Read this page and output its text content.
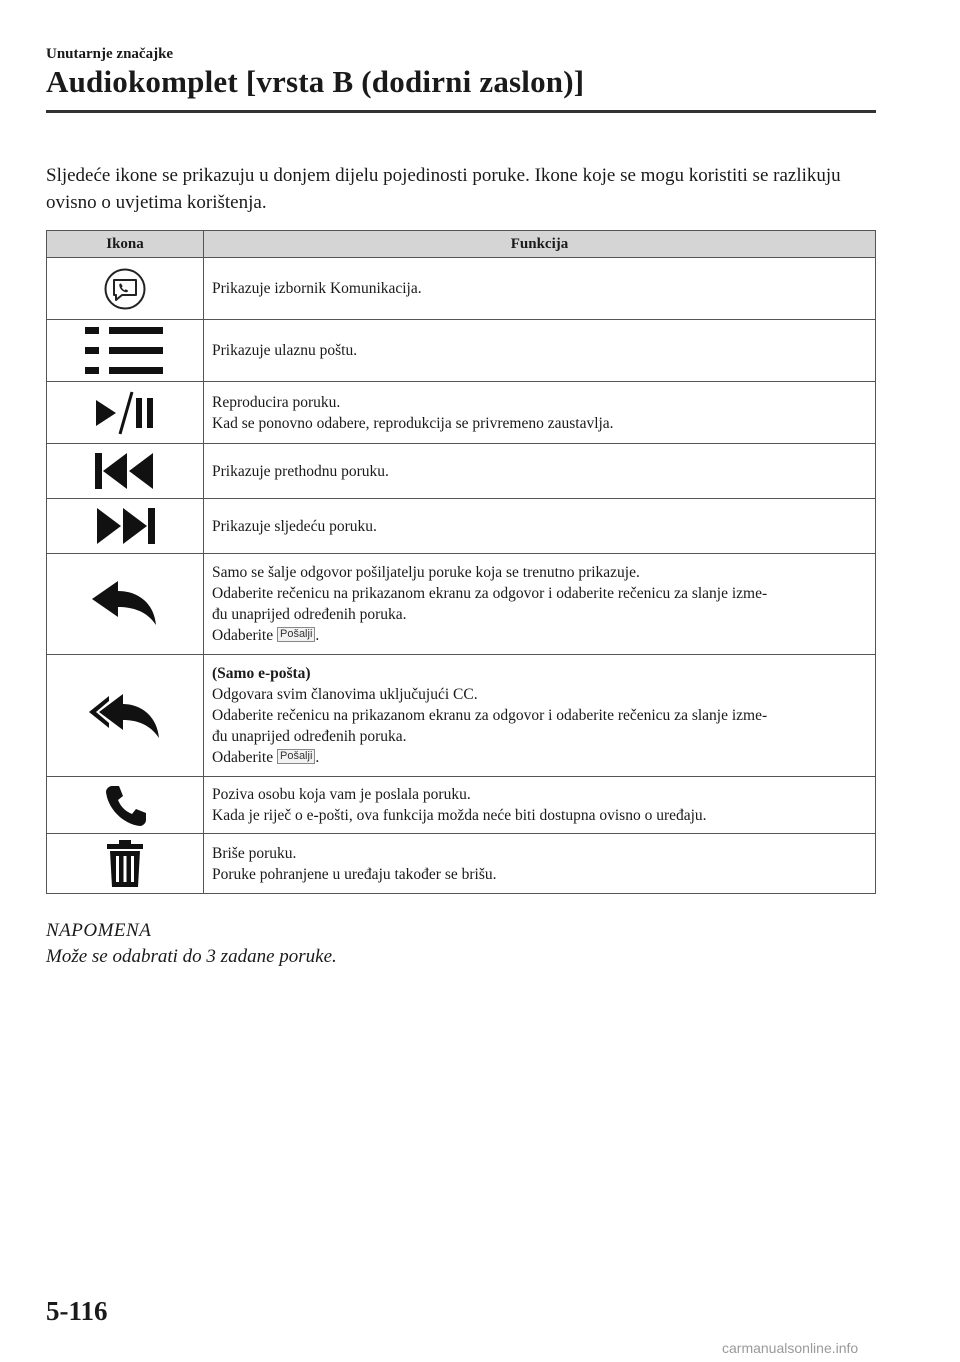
Unutarnje značajke
Audiokomplet [vrsta B (dodirni zaslon)]

Sljedeće ikone se prikazuju u donjem dijelu pojedinosti poruke. Ikone koje se mogu koristiti se razlikuju ovisno o uvjetima korištenja.

Ikona	Funkcija

Prikazuje izbornik Komunikacija.

Prikazuje ulaznu poštu.

Reproducira poruku.
Kad se ponovno odabere, reprodukcija se privremeno zaustavlja.

Prikazuje prethodnu poruku.

Prikazuje sljedeću poruku.

Samo se šalje odgovor pošiljatelju poruke koja se trenutno prikazuje.
Odaberite rečenicu na prikazanom ekranu za odgovor i odaberite rečenicu za slanje izme-
đu unaprijed određenih poruka.
Odaberite Pošalji .

(Samo e-pošta)
Odgovara svim članovima uključujući CC.
Odaberite rečenicu na prikazanom ekranu za odgovor i odaberite rečenicu za slanje izme-
đu unaprijed određenih poruka.
Odaberite Pošalji .

Poziva osobu koja vam je poslala poruku.
Kada je riječ o e-pošti, ova funkcija možda neće biti dostupna ovisno o uređaju.

Briše poruku.
Poruke pohranjene u uređaju također se brišu.
NAPOMENA
Može se odabrati do 3 zadane poruke.
5-116
carmanualsonline.info
